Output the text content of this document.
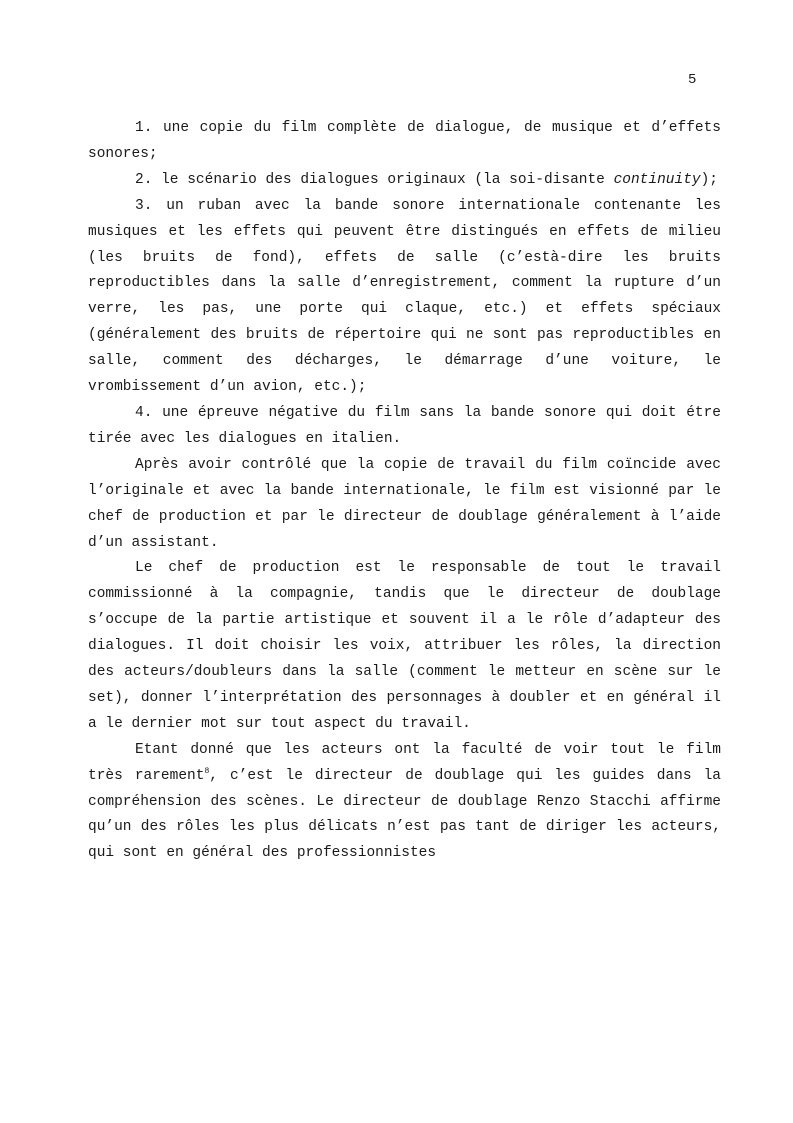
5

1. une copie du film complète de dialogue, de musique et d’effets sonores;

2. le scénario des dialogues originaux (la soi-disante continuity);

3. un ruban avec la bande sonore internationale contenante les musiques et les effets qui peuvent être distingués en effets de milieu (les bruits de fond), effets de salle (c’està-dire les bruits reproductibles dans la salle d’enregistrement, comment la rupture d’un verre, les pas, une porte qui claque, etc.) et effets spéciaux (généralement des bruits de répertoire qui ne sont pas reproductibles en salle, comment des décharges, le démarrage d’une voiture, le vrombissement d’un avion, etc.);

4. une épreuve négative du film sans la bande sonore qui doit étre tirée avec les dialogues en italien.

Après avoir contrôlé que la copie de travail du film coïncide avec l’originale et avec la bande internationale, le film est visionné par le chef de production et par le directeur de doublage généralement à l’aide d’un assistant.

Le chef de production est le responsable de tout le travail commissionné à la compagnie, tandis que le directeur de doublage s’occupe de la partie artistique et souvent il a le rôle d’adapteur des dialogues. Il doit choisir les voix, attribuer les rôles, la direction des acteurs/doubleurs dans la salle (comment le metteur en scène sur le set), donner l’interprétation des personnages à doubler et en général il a le dernier mot sur tout aspect du travail.

Etant donné que les acteurs ont la faculté de voir tout le film très rarement$^8$, c’est le directeur de doublage qui les guides dans la compréhension des scènes. Le directeur de doublage Renzo Stacchi affirme qu’un des rôles les plus délicats n’est pas tant de diriger les acteurs, qui sont en général des professionnistes
